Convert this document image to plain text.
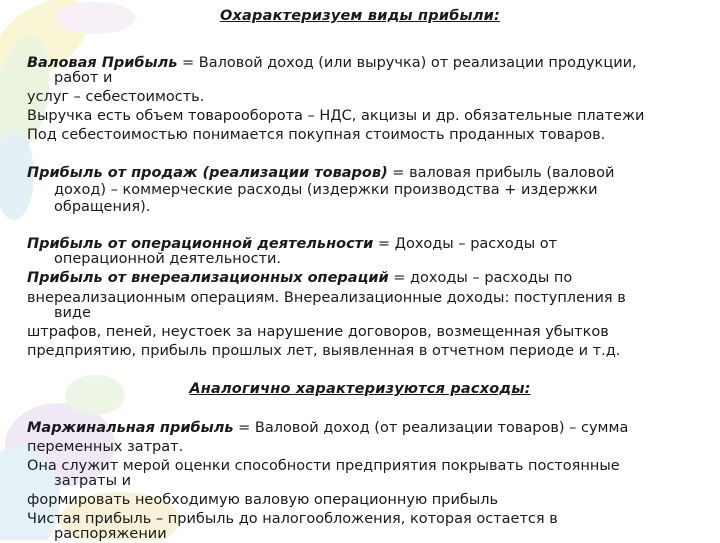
Охарактеризуем виды прибыли:
Валовая Прибыль = Валовой доход (или выручка) от реализации продукции,
работ и
услуг – себестоимость.
Выручка есть объем товарооборота – НДС, акцизы и др. обязательные платежи
Под себестоимостью понимается покупная стоимость проданных товаров.
Прибыль от продаж (реализации товаров) = валовая прибыль (валовой
доход) – коммерческие расходы (издержки производства + издержки
обращения).
Прибыль от операционной деятельности = Доходы – расходы от
операционной деятельности.
Прибыль от внереализационных операций = доходы – расходы по
внереализационным операциям. Внереализационные доходы: поступления в
виде
штрафов, пеней, неустоек за нарушение договоров, возмещенная убытков
предприятию, прибыль прошлых лет, выявленная в отчетном периоде и т.д.
Аналогично характеризуются расходы:
Маржинальная прибыль = Валовой доход (от реализации товаров) – сумма
переменных затрат.
Она служит мерой оценки способности предприятия покрывать постоянные
затраты и
формировать необходимую валовую операционную прибыль
Чистая прибыль – прибыль до налогообложения, которая остается в
распоряжении
